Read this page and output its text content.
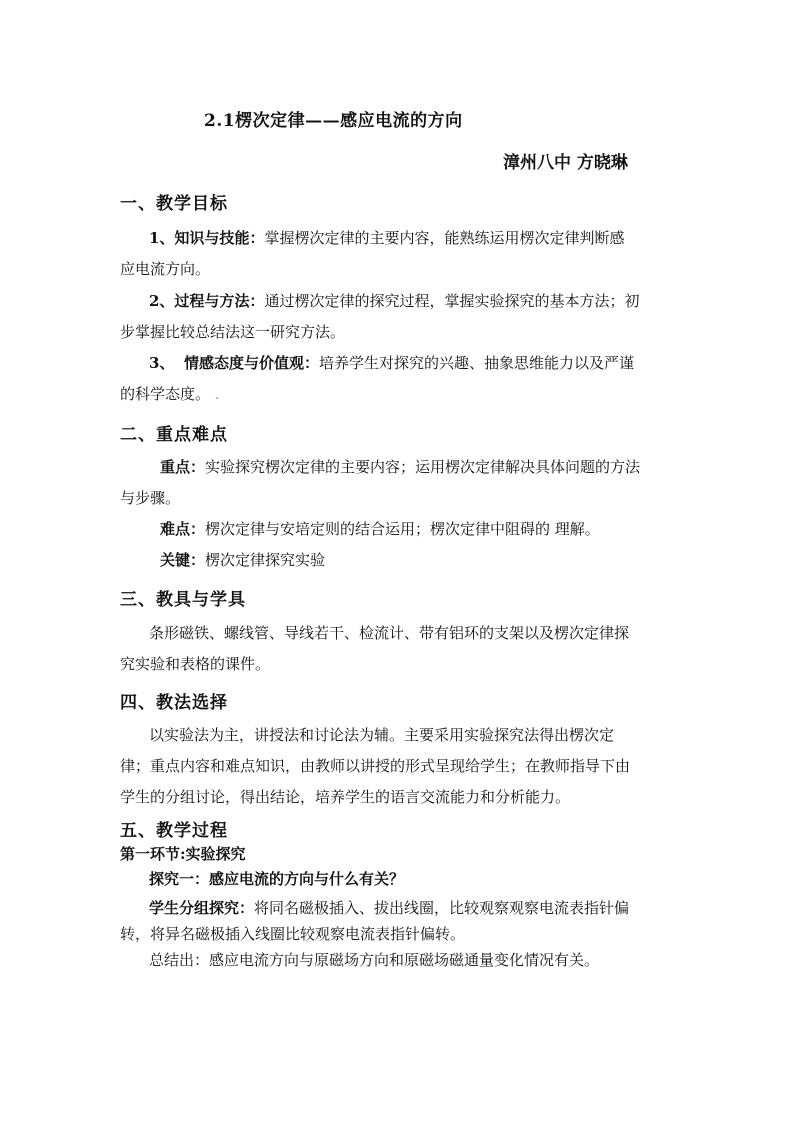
2.1楞次定律——感应电流的方向
漳州八中 方晓琳
一、教学目标
1、知识与技能：掌握楞次定律的主要内容，能熟练运用楞次定律判断感
应电流方向。
2、过程与方法：通过楞次定律的探究过程，掌握实验探究的基本方法；初
步掌握比较总结法这一研究方法。
3、 情感态度与价值观：培养学生对探究的兴趣、抽象思维能力以及严谨
的科学态度。 .
二、重点难点
重点：实验探究楞次定律的主要内容；运用楞次定律解决具体问题的方法
与步骤。
难点：楞次定律与安培定则的结合运用；楞次定律中阻碍的 理解。
关键：楞次定律探究实验
三、教具与学具
条形磁铁、螺线管、导线若干、检流计、带有铝环的支架以及楞次定律探
究实验和表格的课件。
四、教法选择
以实验法为主，讲授法和讨论法为辅。主要采用实验探究法得出楞次定
律；重点内容和难点知识，由教师以讲授的形式呈现给学生；在教师指导下由
学生的分组讨论，得出结论，培养学生的语言交流能力和分析能力。
五、教学过程
第一环节:实验探究
探究一：感应电流的方向与什么有关？
学生分组探究：将同名磁极插入、拔出线圈，比较观察观察电流表指针偏
转，将异名磁极插入线圈比较观察电流表指针偏转。
总结出：感应电流方向与原磁场方向和原磁场磁通量变化情况有关。
